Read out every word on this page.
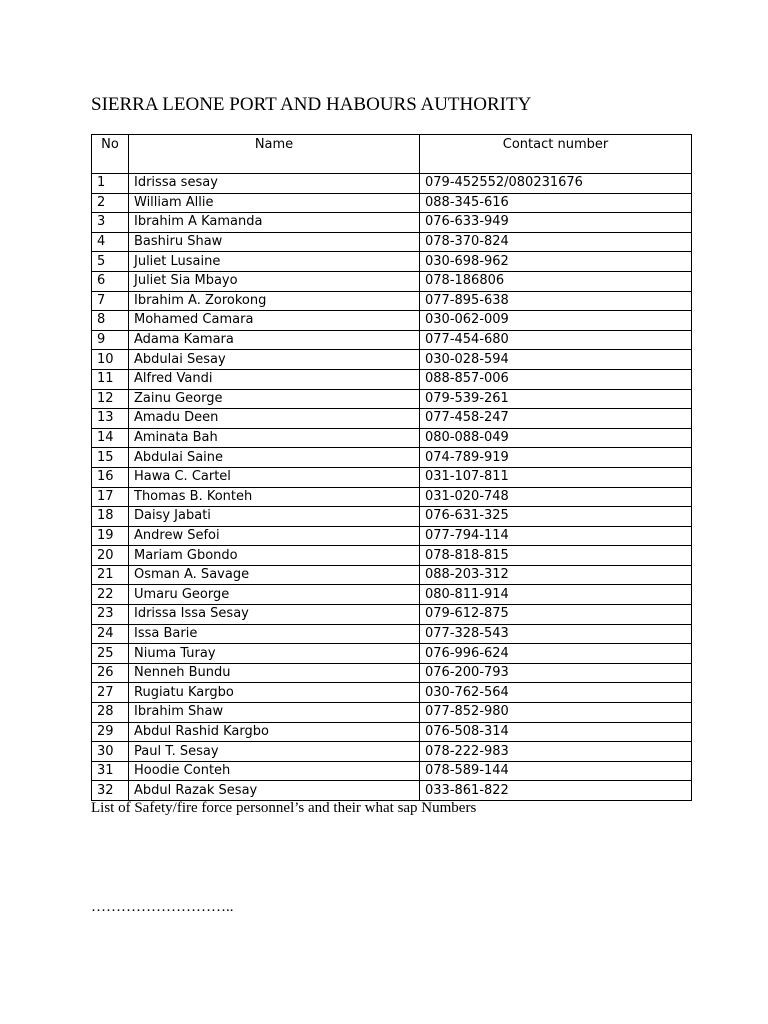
SIERRA LEONE PORT AND HABOURS AUTHORITY
No	Name	Contact number
1	Idrissa sesay	079-452552/080231676
2	William Allie	088-345-616
3	Ibrahim A Kamanda	076-633-949
4	Bashiru Shaw	078-370-824
5	Juliet Lusaine	030-698-962
6	Juliet Sia Mbayo	078-186806
7	Ibrahim A. Zorokong	077-895-638
8	Mohamed Camara	030-062-009
9	Adama Kamara	077-454-680
10	Abdulai Sesay	030-028-594
11	Alfred Vandi	088-857-006
12	Zainu George	079-539-261
13	Amadu Deen	077-458-247
14	Aminata Bah	080-088-049
15	Abdulai Saine	074-789-919
16	Hawa C. Cartel	031-107-811
17	Thomas B. Konteh	031-020-748
18	Daisy Jabati	076-631-325
19	Andrew Sefoi	077-794-114
20	Mariam Gbondo	078-818-815
21	Osman A. Savage	088-203-312
22	Umaru George	080-811-914
23	Idrissa Issa Sesay	079-612-875
24	Issa Barie	077-328-543
25	Niuma Turay	076-996-624
26	Nenneh Bundu	076-200-793
27	Rugiatu Kargbo	030-762-564
28	Ibrahim Shaw	077-852-980
29	Abdul Rashid Kargbo	076-508-314
30	Paul T. Sesay	078-222-983
31	Hoodie Conteh	078-589-144
32	Abdul Razak Sesay	033-861-822
List of Safety/fire force personnel’s and their what sap Numbers
………………………..
